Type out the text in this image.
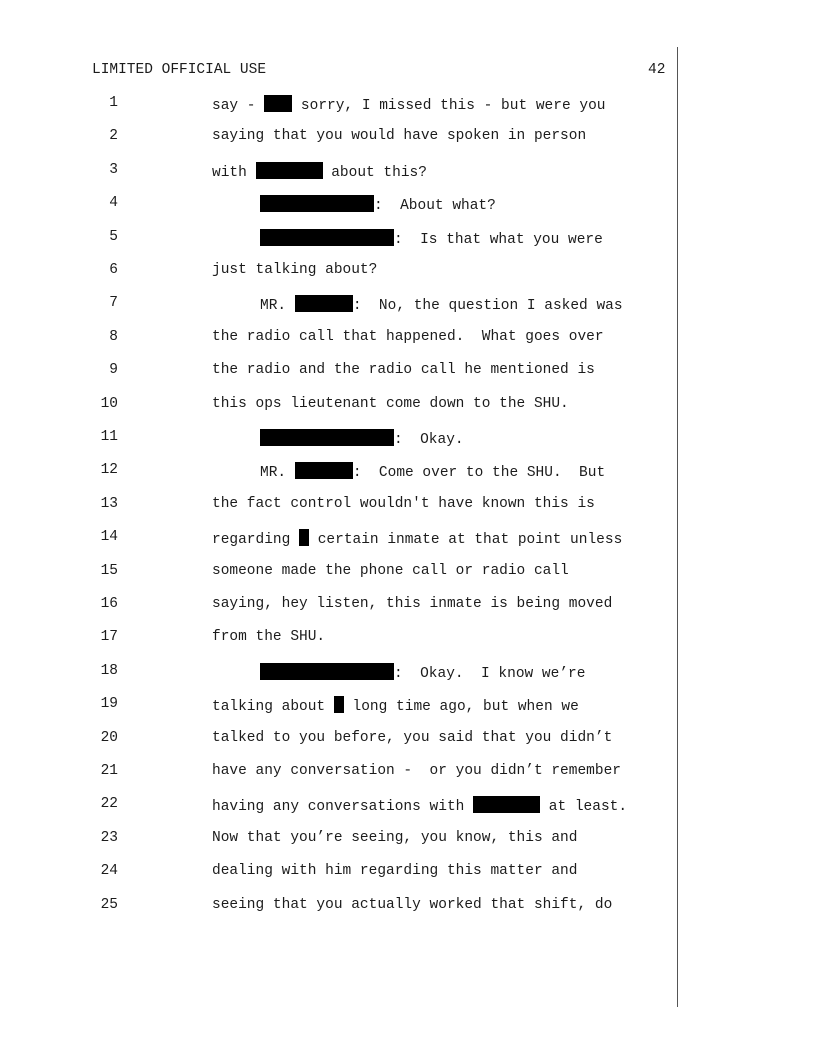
LIMITED OFFICIAL USE	42
1	say -  sorry, I missed this - but were you
2	saying that you would have spoken in person
3	with	about this?
4	:  About what?
5	:  Is that what you were
6	just talking about?
7	MR.	:  No, the question I asked was
8	the radio call that happened.  What goes over
9	the radio and the radio call he mentioned is
10	this ops lieutenant come down to the SHU.
11	:  Okay.
12	MR.	:  Come over to the SHU.  But
13	the fact control wouldn't have known this is
14	regarding  certain inmate at that point unless
15	someone made the phone call or radio call
16	saying, hey listen, this inmate is being moved
17	from the SHU.
18	:  Okay.  I know we’re
19	talking about  long time ago, but when we
20	talked to you before, you said that you didn’t
21	have any conversation -  or you didn’t remember
22	having any conversations with	at least.
23	Now that you’re seeing, you know, this and
24	dealing with him regarding this matter and
25	seeing that you actually worked that shift, do
